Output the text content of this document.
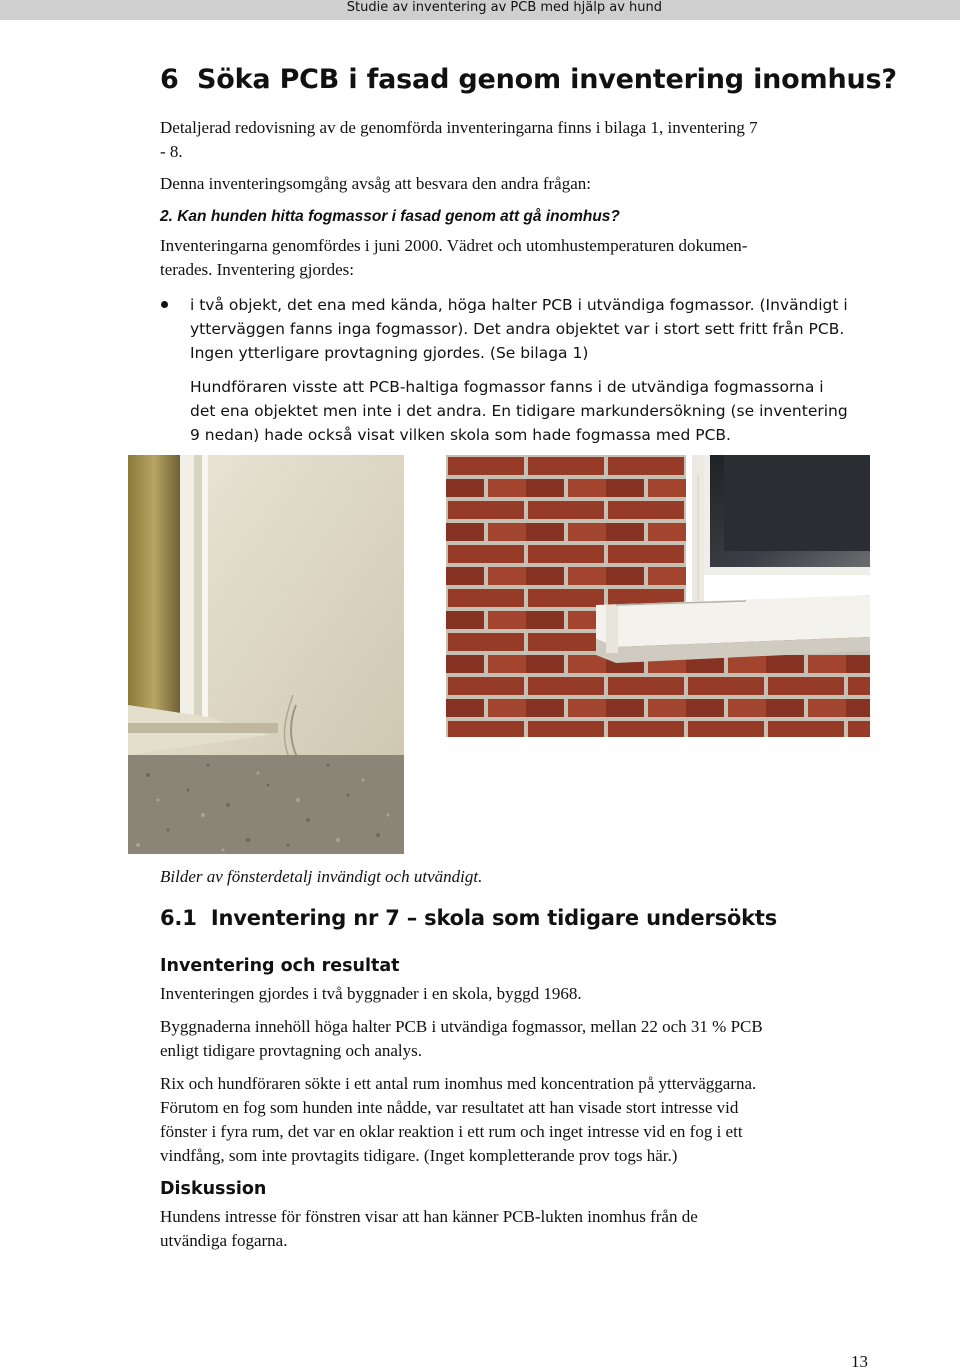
Studie av inventering av PCB med hjälp av hund
6 Söka PCB i fasad genom inventering inomhus?
Detaljerad redovisning av de genomförda inventeringarna finns i bilaga 1, inventering 7
- 8.
Denna inventeringsomgång avsåg att besvara den andra frågan:
2. Kan hunden hitta fogmassor i fasad genom att gå inomhus?
Inventeringarna genomfördes i juni 2000. Vädret och utomhustemperaturen dokumen-
terades. Inventering gjordes:
i två objekt, det ena med kända, höga halter PCB i utvändiga fogmassor. (Invändigt i
ytterväggen fanns inga fogmassor). Det andra objektet var i stort sett fritt från PCB.
Ingen ytterligare provtagning gjordes. (Se bilaga 1)
Hundföraren visste att PCB-haltiga fogmassor fanns i de utvändiga fogmassorna i
det ena objektet men inte i det andra. En tidigare markundersökning (se inventering
9 nedan) hade också visat vilken skola som hade fogmassa med PCB.
Bilder av fönsterdetalj invändigt och utvändigt.
6.1 Inventering nr 7 – skola som tidigare undersökts
Inventering och resultat
Inventeringen gjordes i två byggnader i en skola, byggd 1968.
Byggnaderna innehöll höga halter PCB i utvändiga fogmassor, mellan 22 och 31 % PCB
enligt tidigare provtagning och analys.
Rix och hundföraren sökte i ett antal rum inomhus med koncentration på ytterväggarna.
Förutom en fog som hunden inte nådde, var resultatet att han visade stort intresse vid
fönster i fyra rum, det var en oklar reaktion i ett rum och inget intresse vid en fog i ett
vindfång, som inte provtagits tidigare. (Inget kompletterande prov togs här.)
Diskussion
Hundens intresse för fönstren visar att han känner PCB-lukten inomhus från de
utvändiga fogarna.
13
